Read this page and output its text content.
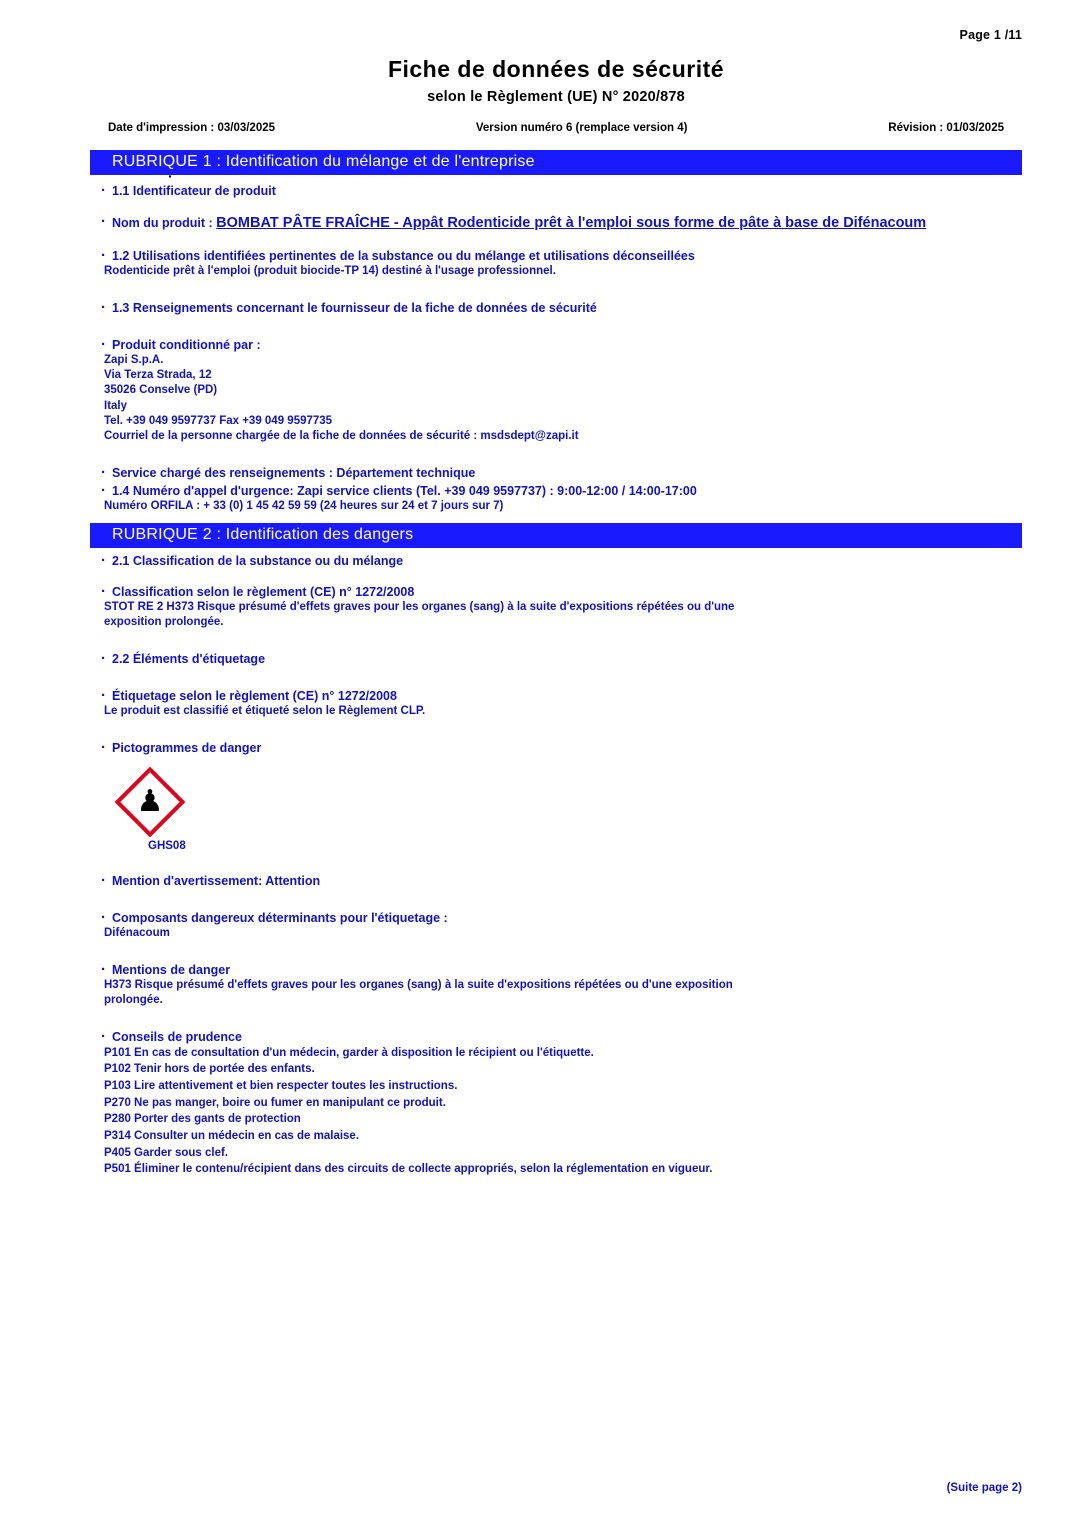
Page 1 /11
Fiche de données de sécurité
selon le Règlement (UE) N° 2020/878
Date d'impression : 03/03/2025	Version numéro 6 (remplace version 4)	Révision : 01/03/2025
·
RUBRIQUE 1 : Identification du mélange et de l'entreprise
· 1.1 Identificateur de produit
· Nom du produit : BOMBAT PÂTE FRAÎCHE - Appât Rodenticide prêt à l'emploi sous forme de pâte à base de Difénacoum
· 1.2 Utilisations identifiées pertinentes de la substance ou du mélange et utilisations déconseillées
Rodenticide prêt à l'emploi (produit biocide-TP 14) destiné à l'usage professionnel.
· 1.3 Renseignements concernant le fournisseur de la fiche de données de sécurité
· Produit conditionné par :
Zapi S.p.A.
Via Terza Strada, 12
35026 Conselve (PD)
Italy
Tel. +39 049 9597737 Fax +39 049 9597735
Courriel de la personne chargée de la fiche de données de sécurité : msdsdept@zapi.it
· Service chargé des renseignements : Département technique
· 1.4 Numéro d'appel d'urgence: Zapi service clients (Tel. +39 049 9597737) : 9:00-12:00 / 14:00-17:00
Numéro ORFILA : + 33 (0) 1 45 42 59 59 (24 heures sur 24 et 7 jours sur 7)
RUBRIQUE 2 : Identification des dangers
· 2.1 Classification de la substance ou du mélange
· Classification selon le règlement (CE) n° 1272/2008
STOT RE 2 H373 Risque présumé d'effets graves pour les organes (sang) à la suite d'expositions répétées ou d'une
exposition prolongée.
· 2.2 Éléments d'étiquetage
· Étiquetage selon le règlement (CE) n° 1272/2008
Le produit est classifié et étiqueté selon le Règlement CLP.
· Pictogrammes de danger
♟
GHS08
· Mention d'avertissement: Attention
· Composants dangereux déterminants pour l'étiquetage :
Difénacoum
· Mentions de danger
H373 Risque présumé d'effets graves pour les organes (sang) à la suite d'expositions répétées ou d'une exposition
prolongée.
· Conseils de prudence
P101 En cas de consultation d'un médecin, garder à disposition le récipient ou l'étiquette.
P102 Tenir hors de portée des enfants.
P103 Lire attentivement et bien respecter toutes les instructions.
P270 Ne pas manger, boire ou fumer en manipulant ce produit.
P280 Porter des gants de protection
P314 Consulter un médecin en cas de malaise.
P405 Garder sous clef.
P501 Éliminer le contenu/récipient dans des circuits de collecte appropriés, selon la réglementation en vigueur.
(Suite page 2)
